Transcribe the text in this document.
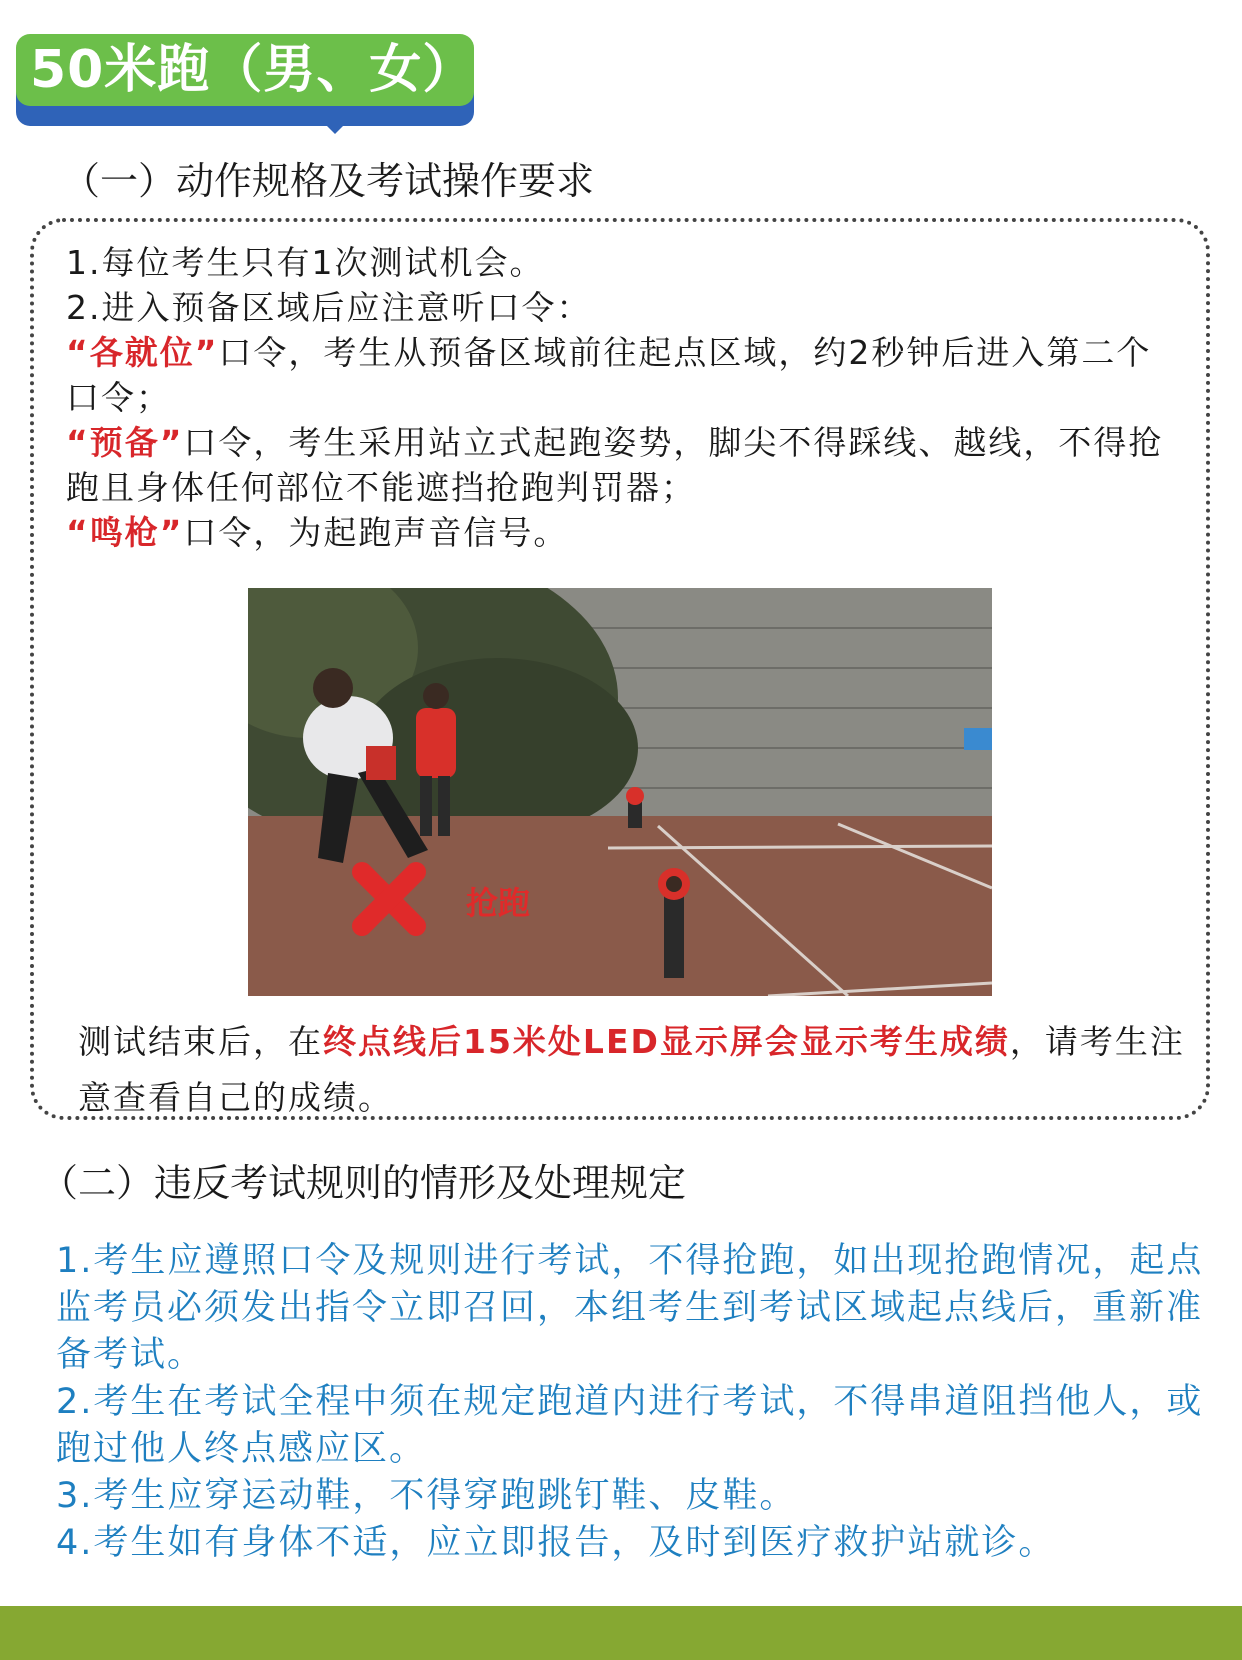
50米跑（男、女）
（一）动作规格及考试操作要求

1.每位考生只有1次测试机会。

2.进入预备区域后应注意听口令：

“各就位”口令，考生从预备区域前往起点区域，约2秒钟后进入第二个口令；

“预备”口令，考生采用站立式起跑姿势，脚尖不得踩线、越线，不得抢跑且身体任何部位不能遮挡抢跑判罚器；

“鸣枪”口令，为起跑声音信号。

抢跑

测试结束后，在终点线后15米处LED显示屏会显示考生成绩，请考生注意查看自己的成绩。

（二）违反考试规则的情形及处理规定

1.考生应遵照口令及规则进行考试，不得抢跑，如出现抢跑情况，起点监考员必须发出指令立即召回，本组考生到考试区域起点线后，重新准备考试。

2.考生在考试全程中须在规定跑道内进行考试，不得串道阻挡他人，或跑过他人终点感应区。

3.考生应穿运动鞋，不得穿跑跳钉鞋、皮鞋。

4.考生如有身体不适，应立即报告，及时到医疗救护站就诊。
